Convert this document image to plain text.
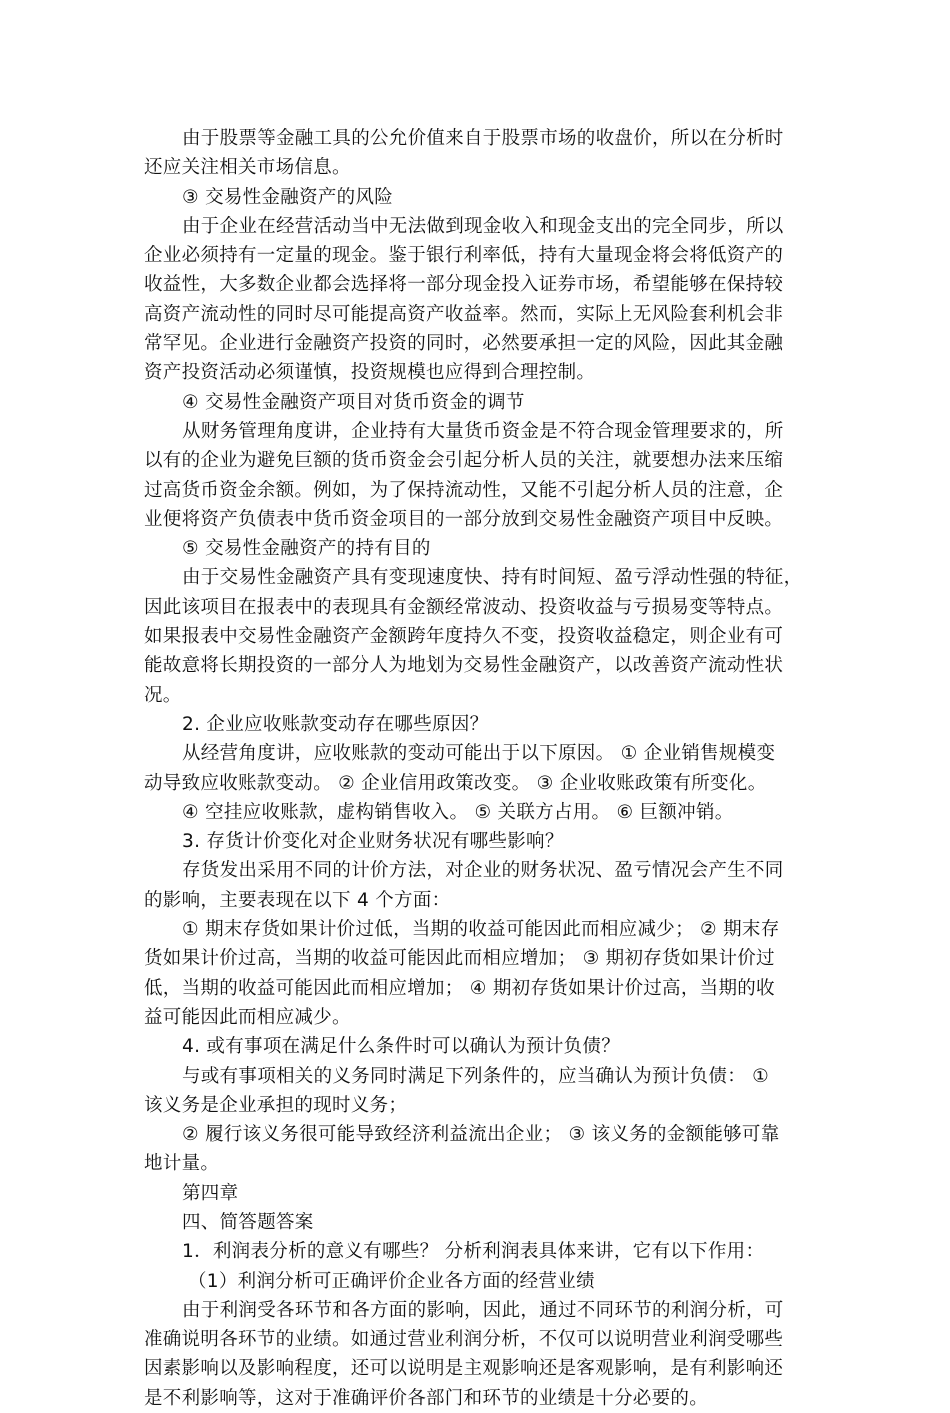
由于股票等金融工具的公允价值来自于股票市场的收盘价，所以在分析时
还应关注相关市场信息。
③ 交易性金融资产的风险
由于企业在经营活动当中无法做到现金收入和现金支出的完全同步，所以
企业必须持有一定量的现金。鉴于银行利率低，持有大量现金将会将低资产的
收益性，大多数企业都会选择将一部分现金投入证券市场，希望能够在保持较
高资产流动性的同时尽可能提高资产收益率。然而，实际上无风险套利机会非
常罕见。企业进行金融资产投资的同时，必然要承担一定的风险，因此其金融
资产投资活动必须谨慎，投资规模也应得到合理控制。
④ 交易性金融资产项目对货币资金的调节
从财务管理角度讲，企业持有大量货币资金是不符合现金管理要求的，所
以有的企业为避免巨额的货币资金会引起分析人员的关注，就要想办法来压缩
过高货币资金余额。例如，为了保持流动性，又能不引起分析人员的注意，企
业便将资产负债表中货币资金项目的一部分放到交易性金融资产项目中反映。
⑤ 交易性金融资产的持有目的
由于交易性金融资产具有变现速度快、持有时间短、盈亏浮动性强的特征，
因此该项目在报表中的表现具有金额经常波动、投资收益与亏损易变等特点。
如果报表中交易性金融资产金额跨年度持久不变，投资收益稳定，则企业有可
能故意将长期投资的一部分人为地划为交易性金融资产，以改善资产流动性状
况。
2. 企业应收账款变动存在哪些原因？
从经营角度讲，应收账款的变动可能出于以下原因。 ① 企业销售规模变
动导致应收账款变动。 ② 企业信用政策改变。 ③ 企业收账政策有所变化。
④ 空挂应收账款，虚构销售收入。 ⑤ 关联方占用。 ⑥ 巨额冲销。
3. 存货计价变化对企业财务状况有哪些影响？
存货发出采用不同的计价方法，对企业的财务状况、盈亏情况会产生不同
的影响，主要表现在以下 4 个方面：
① 期末存货如果计价过低，当期的收益可能因此而相应减少； ② 期末存
货如果计价过高，当期的收益可能因此而相应增加； ③ 期初存货如果计价过
低，当期的收益可能因此而相应增加； ④ 期初存货如果计价过高，当期的收
益可能因此而相应减少。
4. 或有事项在满足什么条件时可以确认为预计负债？
与或有事项相关的义务同时满足下列条件的，应当确认为预计负债： ①
该义务是企业承担的现时义务；
② 履行该义务很可能导致经济利益流出企业； ③ 该义务的金额能够可靠
地计量。
第四章
四、简答题答案
1．利润表分析的意义有哪些？ 分析利润表具体来讲，它有以下作用：
（1）利润分析可正确评价企业各方面的经营业绩
由于利润受各环节和各方面的影响，因此，通过不同环节的利润分析，可
准确说明各环节的业绩。如通过营业利润分析，不仅可以说明营业利润受哪些
因素影响以及影响程度，还可以说明是主观影响还是客观影响，是有利影响还
是不利影响等，这对于准确评价各部门和环节的业绩是十分必要的。
